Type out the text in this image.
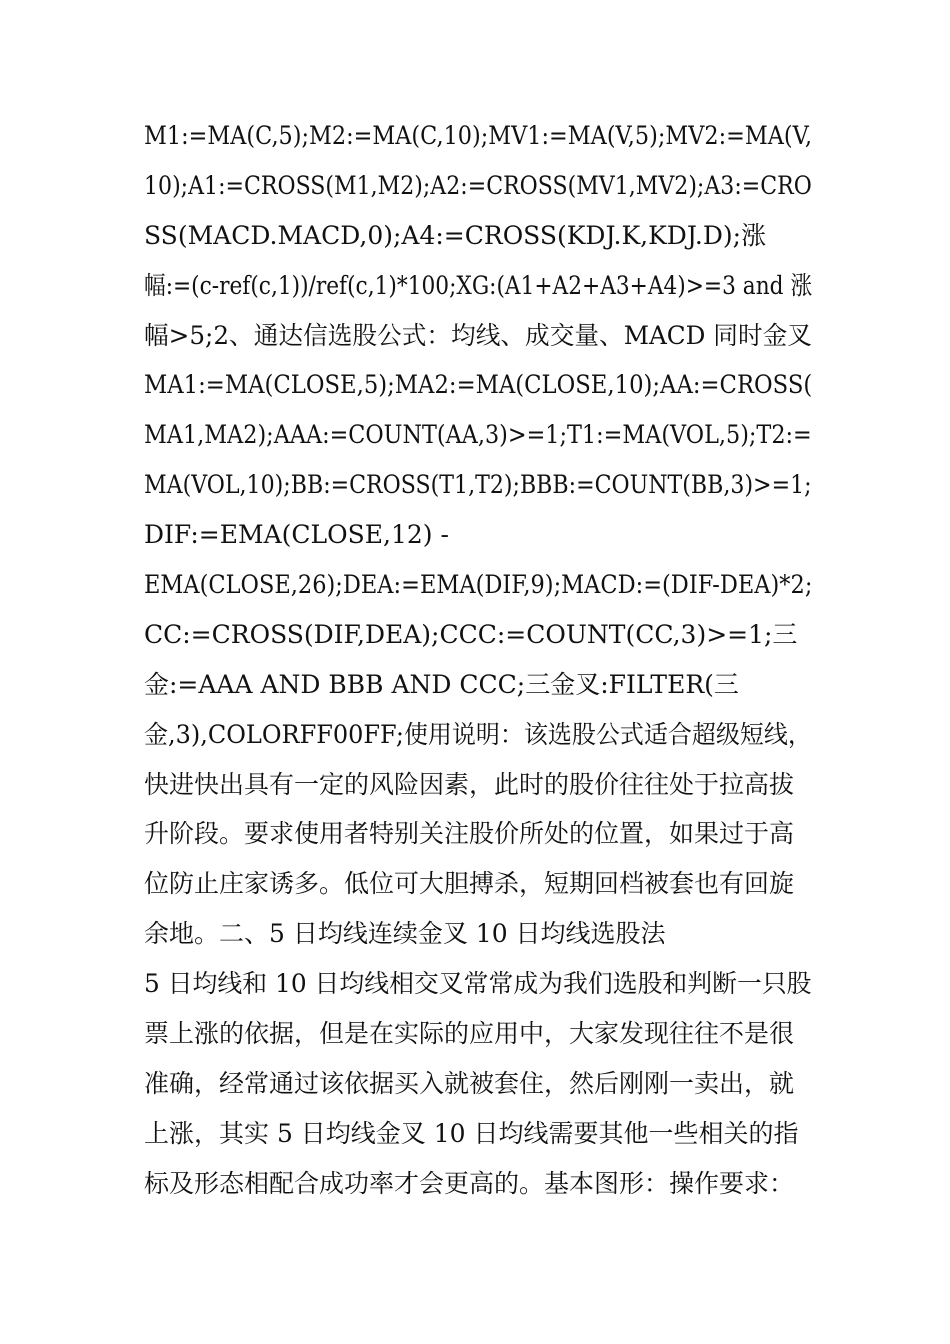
M1:=MA(C,5);M2:=MA(C,10);MV1:=MA(V,5);MV2:=MA(V,
10);A1:=CROSS(M1,M2);A2:=CROSS(MV1,MV2);A3:=CRO
SS(MACD.MACD,0);A4:=CROSS(KDJ.K,KDJ.D);涨
幅:=(c-ref(c,1))/ref(c,1)*100;XG:(A1+A2+A3+A4)>=3 and 涨
幅>5;2、通达信选股公式：均线、成交量、MACD 同时金叉
MA1:=MA(CLOSE,5);MA2:=MA(CLOSE,10);AA:=CROSS(
MA1,MA2);AAA:=COUNT(AA,3)>=1;T1:=MA(VOL,5);T2:=
MA(VOL,10);BB:=CROSS(T1,T2);BBB:=COUNT(BB,3)>=1;
DIF:=EMA(CLOSE,12) -
EMA(CLOSE,26);DEA:=EMA(DIF,9);MACD:=(DIF-DEA)*2;
CC:=CROSS(DIF,DEA);CCC:=COUNT(CC,3)>=1;三
金:=AAA AND BBB AND CCC;三金叉:FILTER(三
金,3),COLORFF00FF;使用说明：该选股公式适合超级短线，
快进快出具有一定的风险因素，此时的股价往往处于拉高拔
升阶段。要求使用者特别关注股价所处的位置，如果过于高
位防止庄家诱多。低位可大胆搏杀，短期回档被套也有回旋
余地。二、5 日均线连续金叉 10 日均线选股法
5 日均线和 10 日均线相交叉常常成为我们选股和判断一只股
票上涨的依据，但是在实际的应用中，大家发现往往不是很
准确，经常通过该依据买入就被套住，然后刚刚一卖出，就
上涨，其实 5 日均线金叉 10 日均线需要其他一些相关的指
标及形态相配合成功率才会更高的。基本图形：操作要求：
